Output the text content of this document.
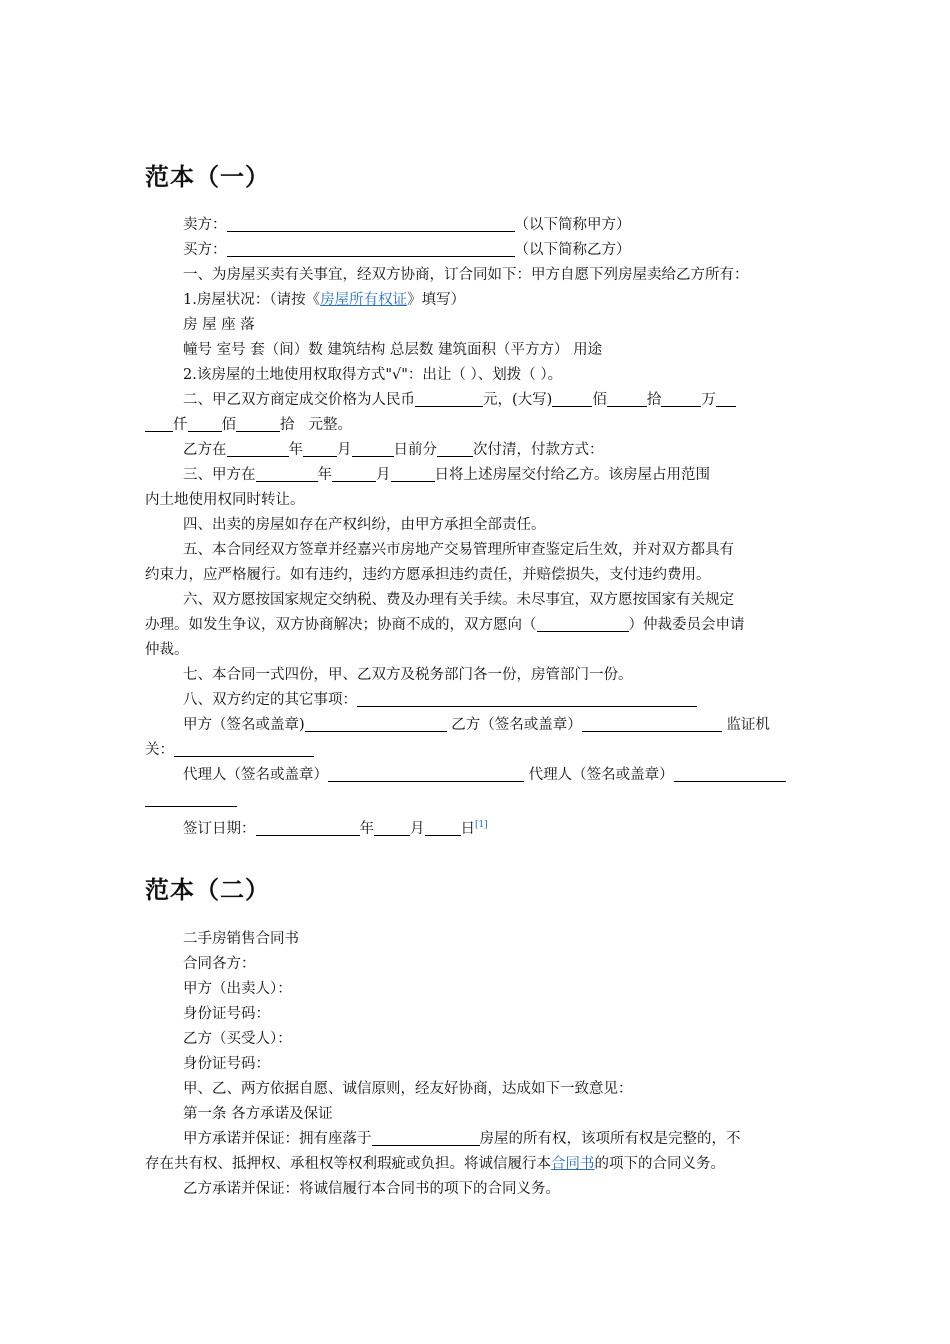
范本（一）
卖方：	（以下简称甲方）
买方：	（以下简称乙方）
一、为房屋买卖有关事宜，经双方协商，订合同如下：甲方自愿下列房屋卖给乙方所有：
1.房屋状况：（请按《房屋所有权证》填写）
房 屋 座 落
幢号 室号 套（间）数 建筑结构 总层数 建筑面积（平方方） 用途
2.该房屋的土地使用权取得方式"√"：出让（ ）、划拨（ ）。
二、甲乙双方商定成交价格为人民币	元，(大写)	佰	拾	万
仟 佰	拾 元整。
乙方在	年 月	日前分 次付清，付款方式：
三、甲方在	年	月	日将上述房屋交付给乙方。该房屋占用范围
内土地使用权同时转让。
四、出卖的房屋如存在产权纠纷，由甲方承担全部责任。
五、本合同经双方签章并经嘉兴市房地产交易管理所审查鉴定后生效，并对双方都具有
约束力，应严格履行。如有违约，违约方愿承担违约责任，并赔偿损失，支付违约费用。
六、双方愿按国家规定交纳税、费及办理有关手续。未尽事宜，双方愿按国家有关规定
办理。如发生争议，双方协商解决；协商不成的，双方愿向（	）仲裁委员会申请
仲裁。
七、本合同一式四份，甲、乙双方及税务部门各一份，房管部门一份。
八、双方约定的其它事项：
甲方（签名或盖章)	乙方（签名或盖章）	监证机
关：
代理人（签名或盖章）	代理人（签名或盖章）
签订日期：	年 月 日[1]
范本（二）
二手房销售合同书
合同各方：
甲方（出卖人）：
身份证号码：
乙方（买受人）：
身份证号码：
甲、乙、两方依据自愿、诚信原则，经友好协商，达成如下一致意见：
第一条 各方承诺及保证
甲方承诺并保证：拥有座落于	房屋的所有权，该项所有权是完整的，不
存在共有权、抵押权、承租权等权利瑕疵或负担。将诚信履行本合同书的项下的合同义务。
乙方承诺并保证：将诚信履行本合同书的项下的合同义务。
